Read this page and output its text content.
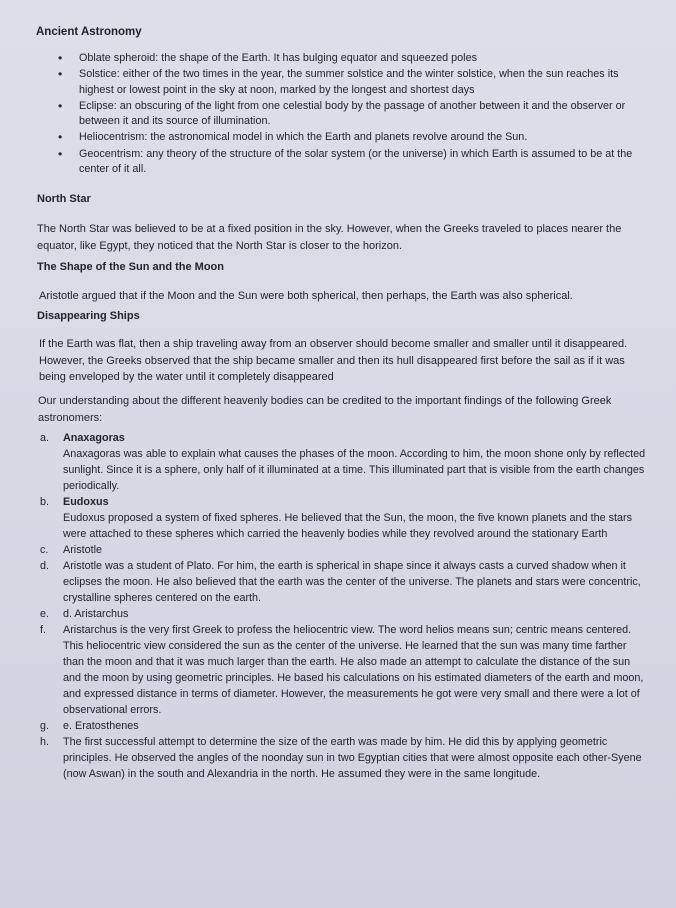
Ancient Astronomy
• Oblate spheroid: the shape of the Earth. It has bulging equator and squeezed poles
• Solstice: either of the two times in the year, the summer solstice and the winter solstice, when the sun reaches its highest or lowest point in the sky at noon, marked by the longest and shortest days
• Eclipse: an obscuring of the light from one celestial body by the passage of another between it and the observer or between it and its source of illumination.
• Heliocentrism: the astronomical model in which the Earth and planets revolve around the Sun.
• Geocentrism: any theory of the structure of the solar system (or the universe) in which Earth is assumed to be at the center of it all.
North Star
The North Star was believed to be at a fixed position in the sky. However, when the Greeks traveled to places nearer the equator, like Egypt, they noticed that the North Star is closer to the horizon.
The Shape of the Sun and the Moon
Aristotle argued that if the Moon and the Sun were both spherical, then perhaps, the Earth was also spherical.
Disappearing Ships
If the Earth was flat, then a ship traveling away from an observer should become smaller and smaller until it disappeared. However, the Greeks observed that the ship became smaller and then its hull disappeared first before the sail as if it was being enveloped by the water until it completely disappeared
Our understanding about the different heavenly bodies can be credited to the important findings of the following Greek astronomers:
a. Anaxagoras
Anaxagoras was able to explain what causes the phases of the moon. According to him, the moon shone only by reflected sunlight. Since it is a sphere, only half of it illuminated at a time. This illuminated part that is visible from the earth changes periodically.
b. Eudoxus
Eudoxus proposed a system of fixed spheres. He believed that the Sun, the moon, the five known planets and the stars were attached to these spheres which carried the heavenly bodies while they revolved around the stationary Earth
c. Aristotle
d. Aristotle was a student of Plato. For him, the earth is spherical in shape since it always casts a curved shadow when it eclipses the moon. He also believed that the earth was the center of the universe. The planets and stars were concentric, crystalline spheres centered on the earth.
e. d. Aristarchus
f. Aristarchus is the very first Greek to profess the heliocentric view. The word helios means sun; centric means centered. This heliocentric view considered the sun as the center of the universe. He learned that the sun was many time farther than the moon and that it was much larger than the earth. He also made an attempt to calculate the distance of the sun and the moon by using geometric principles. He based his calculations on his estimated diameters of the earth and moon, and expressed distance in terms of diameter. However, the measurements he got were very small and there were a lot of observational errors.
g. e. Eratosthenes
h. The first successful attempt to determine the size of the earth was made by him. He did this by applying geometric principles. He observed the angles of the noonday sun in two Egyptian cities that were almost opposite each other-Syene (now Aswan) in the south and Alexandria in the north. He assumed they were in the same longitude.
